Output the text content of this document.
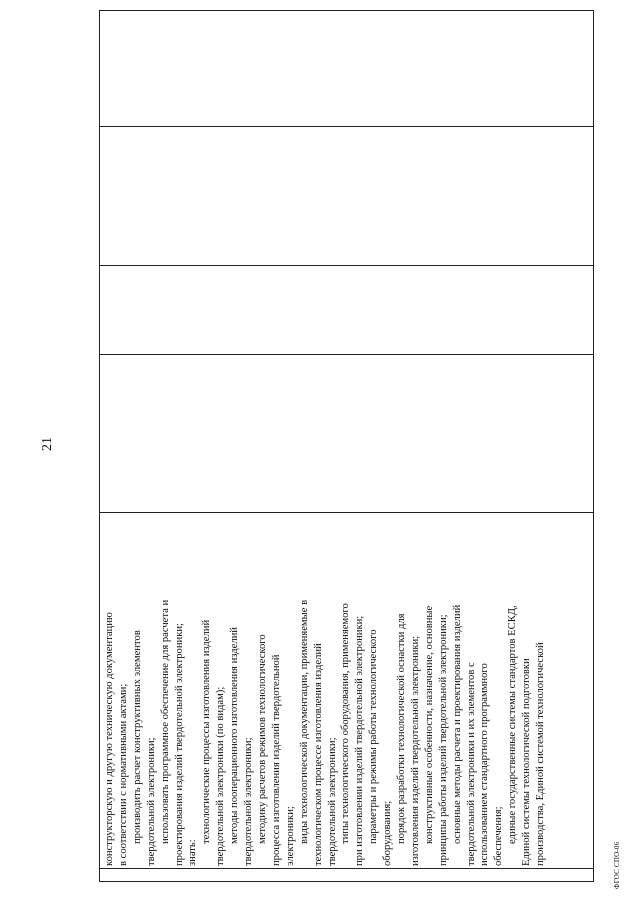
конструкторскую и другую техническую документацию в соответствии с нормативными актами; производить расчет конструктивных элементов твердотельной электроники; использовать программное обеспечение для расчета и проектирования изделий твердотельной электроники; знать:
технологические процессы изготовления изделий твердотельной электроники (по видам); методы пооперационного изготовления изделий твердотельной электроники; методику расчетов режимов технологического процесса изготовления изделий твердотельной электроники; виды технологической документации, применяемые в технологическом процессе изготовления изделий твердотельной электроники; типы технологического оборудования, применяемого при изготовлении изделий твердотельной электроники; параметры и режимы работы технологического оборудования; порядок разработки технологической оснастки для изготовления изделий твердотельной электроники; конструктивные особенности, назначение, основные принципы работы изделий твердотельной электроники; основные методы расчета и проектирования изделий твердотельной электроники и их элементов с использованием стандартного программного обеспечения; единые государственные системы стандартов ЕСКД, Единой системы технологической подготовки производства, Единой системой технологической
21
ФГОС СПО-06
